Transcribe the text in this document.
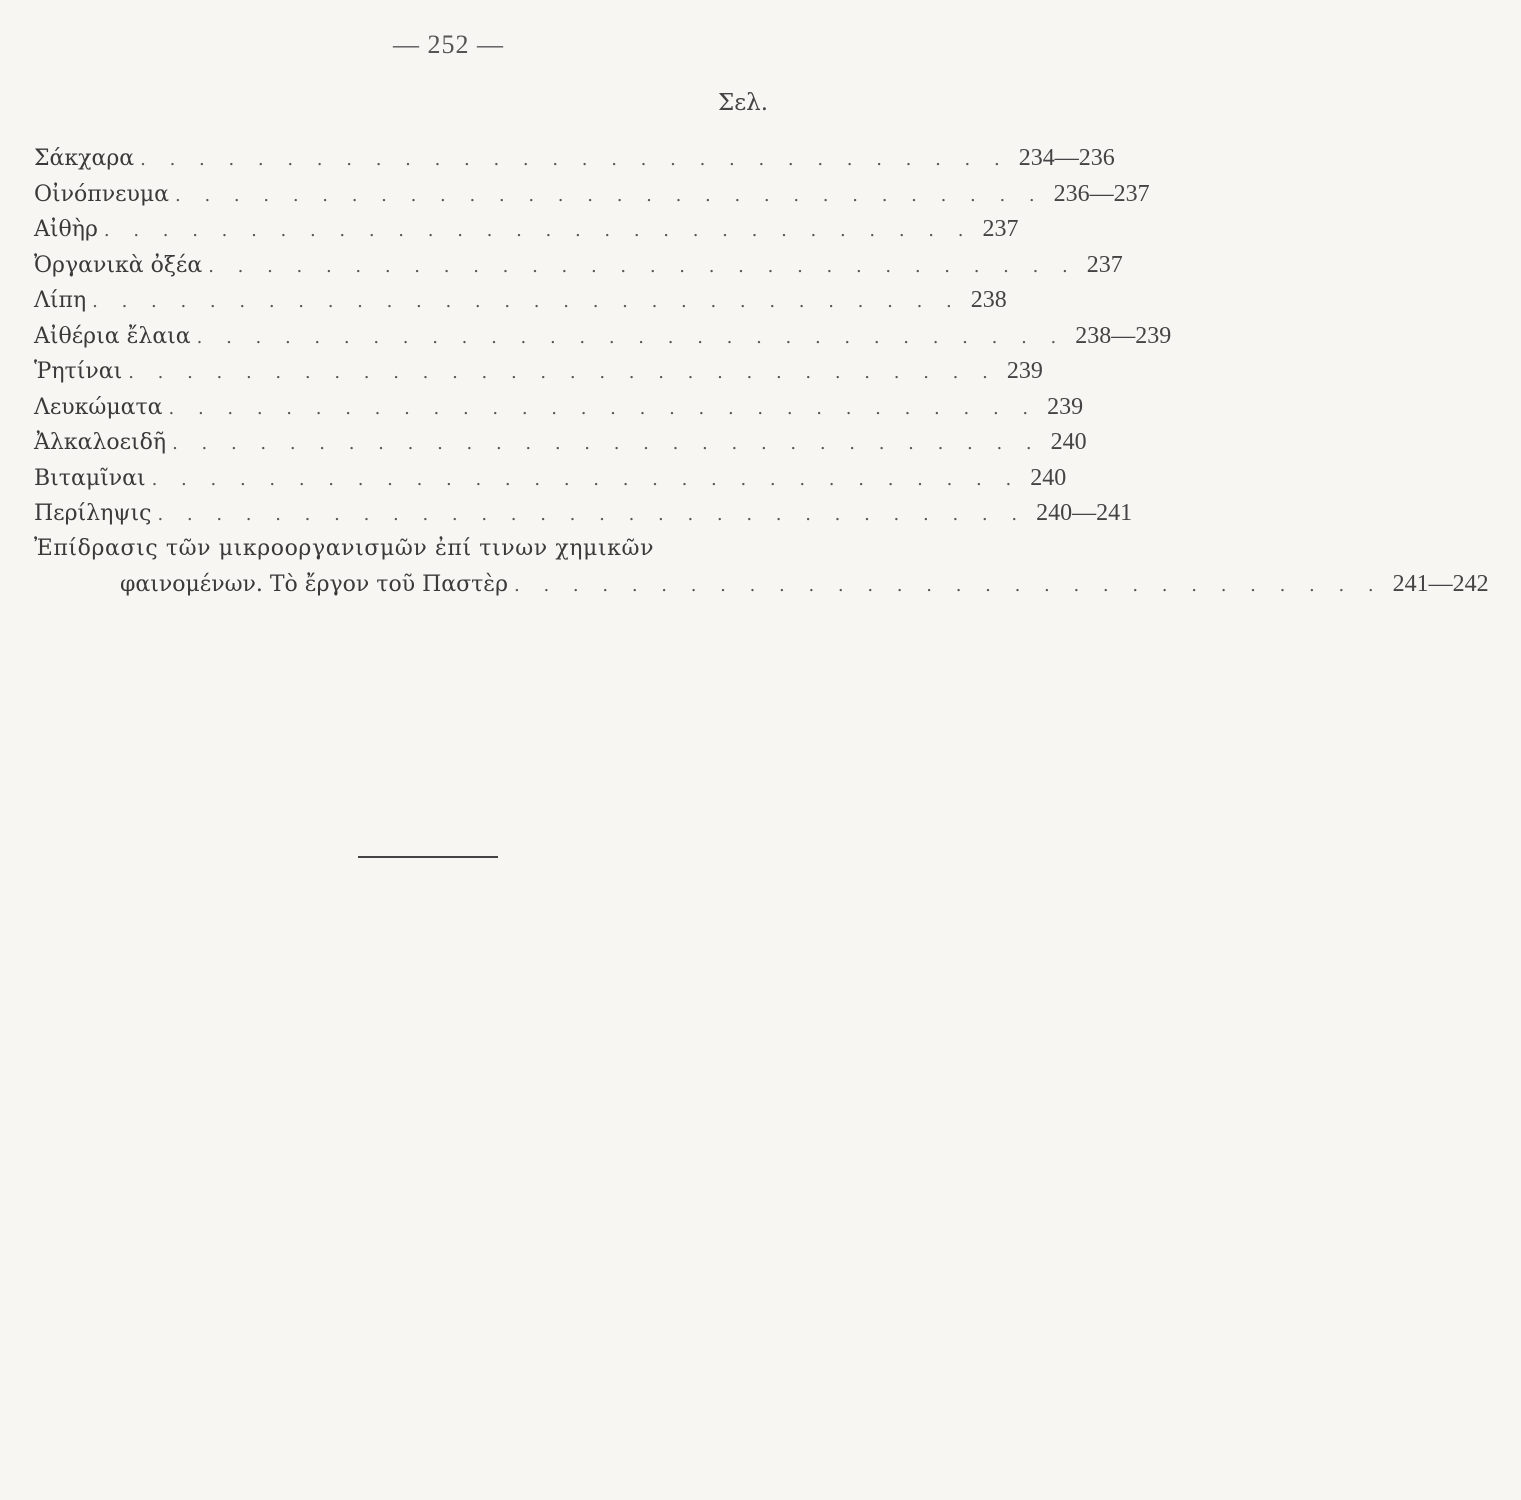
— 252 —
Σελ.
Σάκχαρα . . . . . . . . . . . . . . . . . . . . . . . . . . . . . . 234—236
Οἰνόπνευμα . . . . . . . . . . . . . . . . . . . . . . . . . . . . . . 236—237
Αἰθὴρ . . . . . . . . . . . . . . . . . . . . . . . . . . . . . . 237
Ὀργανικὰ ὀξέα . . . . . . . . . . . . . . . . . . . . . . . . . . . . . . 237
Λίπη . . . . . . . . . . . . . . . . . . . . . . . . . . . . . . 238
Αἰθέρια ἔλαια . . . . . . . . . . . . . . . . . . . . . . . . . . . . . . 238—239
Ῥητίναι . . . . . . . . . . . . . . . . . . . . . . . . . . . . . . 239
Λευκώματα . . . . . . . . . . . . . . . . . . . . . . . . . . . . . . 239
Ἀλκαλοειδῆ . . . . . . . . . . . . . . . . . . . . . . . . . . . . . . 240
Βιταμῖναι . . . . . . . . . . . . . . . . . . . . . . . . . . . . . . 240
Περίληψις . . . . . . . . . . . . . . . . . . . . . . . . . . . . . . 240—241
Ἐπίδρασις τῶν μικροοργανισμῶν ἐπί τινων χημικῶν
φαινομένων. Τὸ ἔργον τοῦ Παστὲρ . . . . . . . . . . . . . . . . . . . . . . . . . . . . . . 241—242
